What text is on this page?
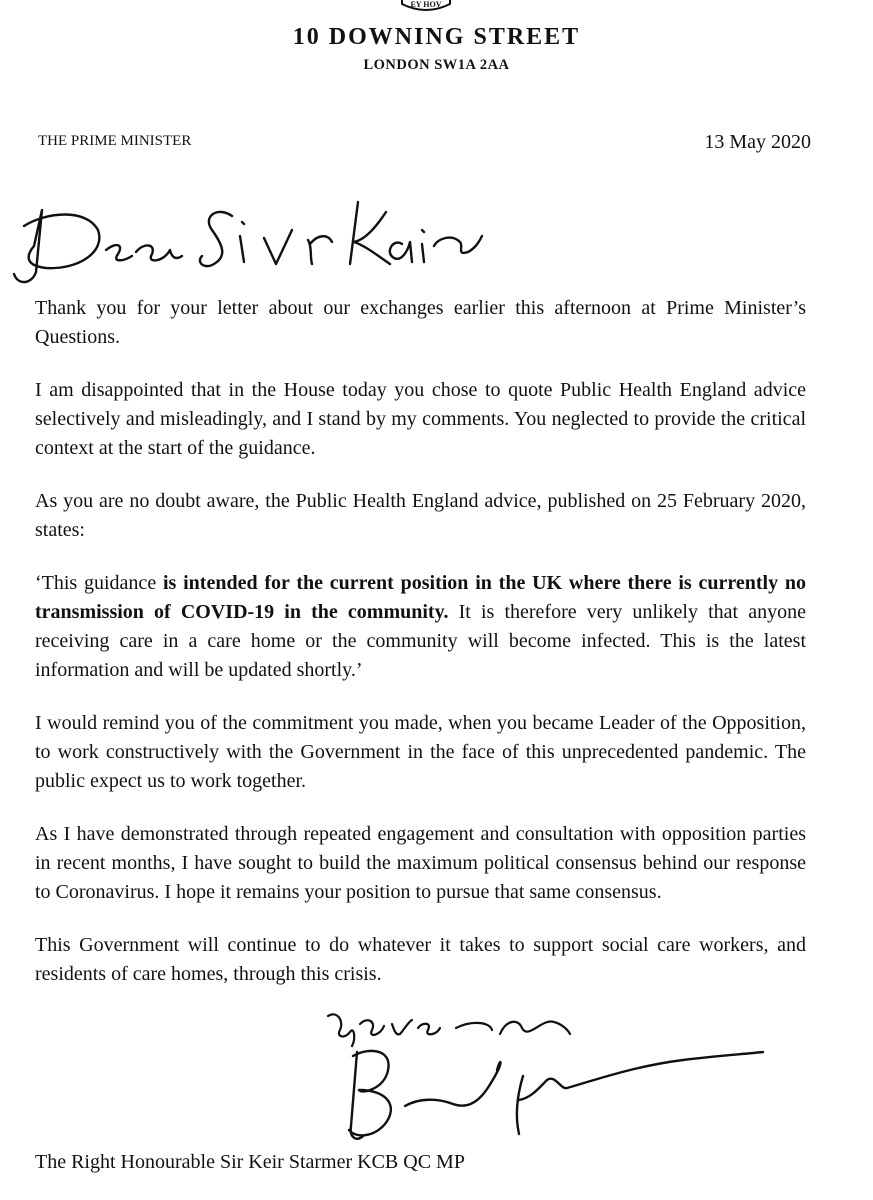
EY HOV
10 DOWNING STREET
LONDON SW1A 2AA
THE PRIME MINISTER	13 May 2020

Thank you for your letter about our exchanges earlier this afternoon at Prime Minister’s Questions.

I am disappointed that in the House today you chose to quote Public Health England advice selectively and misleadingly, and I stand by my comments. You neglected to provide the critical context at the start of the guidance.

As you are no doubt aware, the Public Health England advice, published on 25 February 2020, states:

‘This guidance is intended for the current position in the UK where there is currently no transmission of COVID-19 in the community. It is therefore very unlikely that anyone receiving care in a care home or the community will become infected. This is the latest information and will be updated shortly.’

I would remind you of the commitment you made, when you became Leader of the Opposition, to work constructively with the Government in the face of this unprecedented pandemic. The public expect us to work together.

As I have demonstrated through repeated engagement and consultation with opposition parties in recent months, I have sought to build the maximum political consensus behind our response to Coronavirus. I hope it remains your position to pursue that same consensus.

This Government will continue to do whatever it takes to support social care workers, and residents of care homes, through this crisis.

The Right Honourable Sir Keir Starmer KCB QC MP
